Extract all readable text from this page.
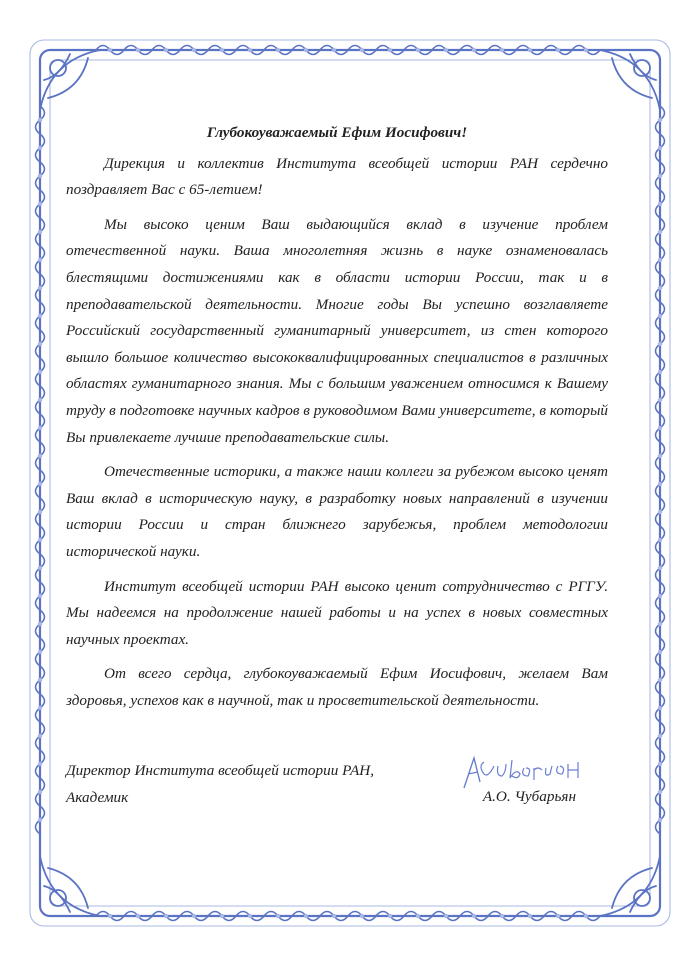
Глубокоуважаемый Ефим Иосифович!

Дирекция и коллектив Института всеобщей истории РАН сердечно поздравляет Вас с 65-летием!

Мы высоко ценим Ваш выдающийся вклад в изучение проблем отечественной науки. Ваша многолетняя жизнь в науке ознаменовалась блестящими достижениями как в области истории России, так и в преподавательской деятельности. Многие годы Вы успешно возглавляете Российский государственный гуманитарный университет, из стен которого вышло большое количество высококвалифицированных специалистов в различных областях гуманитарного знания. Мы с большим уважением относимся к Вашему труду в подготовке научных кадров в руководимом Вами университете, в который Вы привлекаете лучшие преподавательские силы.

Отечественные историки, а также наши коллеги за рубежом высоко ценят Ваш вклад в историческую науку, в разработку новых направлений в изучении истории России и стран ближнего зарубежья, проблем методологии исторической науки.

Институт всеобщей истории РАН высоко ценит сотрудничество с РГГУ. Мы надеемся на продолжение нашей работы и на успех в новых совместных научных проектах.

От всего сердца, глубокоуважаемый Ефим Иосифович, желаем Вам здоровья, успехов как в научной, так и просветительской деятельности.

Директор Института всеобщей истории РАН,
Академик	А.О. Чубарьян
